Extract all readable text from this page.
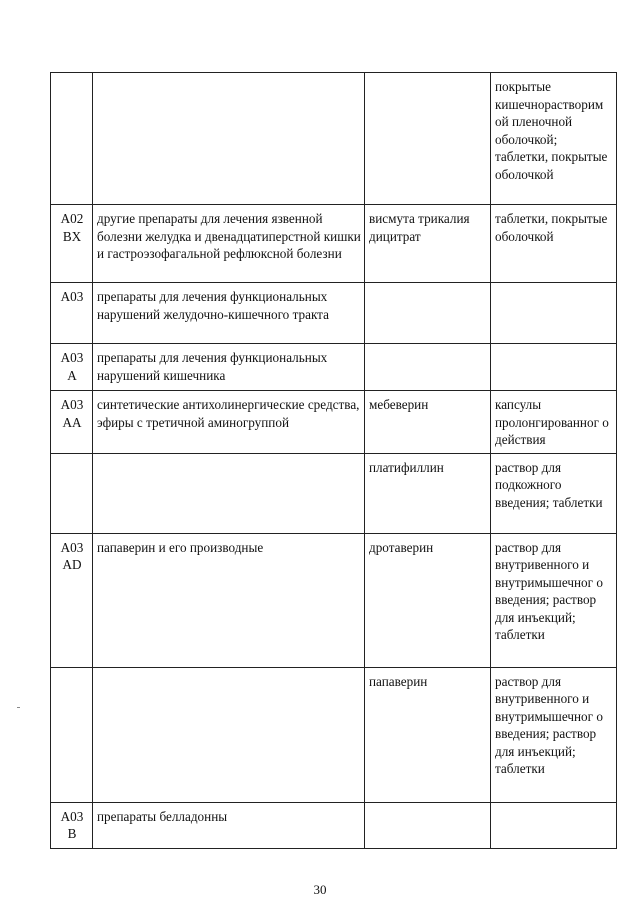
			покрытые кишечнорастворим ой пленочной оболочкой; таблетки, покрытые оболочкой
A02 BX	другие препараты для лечения язвенной болезни желудка и двенадцатиперстной кишки и гастроэзофагальной рефлюксной болезни	висмута трикалия дицитрат	таблетки, покрытые оболочкой
A03	препараты для лечения функциональных нарушений желудочно-кишечного тракта		
A03 A	препараты для лечения функциональных нарушений кишечника		
A03 AA	синтетические антихолинергические средства, эфиры с третичной аминогруппой	мебеверин	капсулы пролонгированног о действия
		платифиллин	раствор для подкожного введения; таблетки
A03 AD	папаверин и его производные	дротаверин	раствор для внутривенного и внутримышечног о введения; раствор для инъекций; таблетки
		папаверин	раствор для внутривенного и внутримышечног о введения; раствор для инъекций; таблетки
A03 B	препараты белладонны		
30
